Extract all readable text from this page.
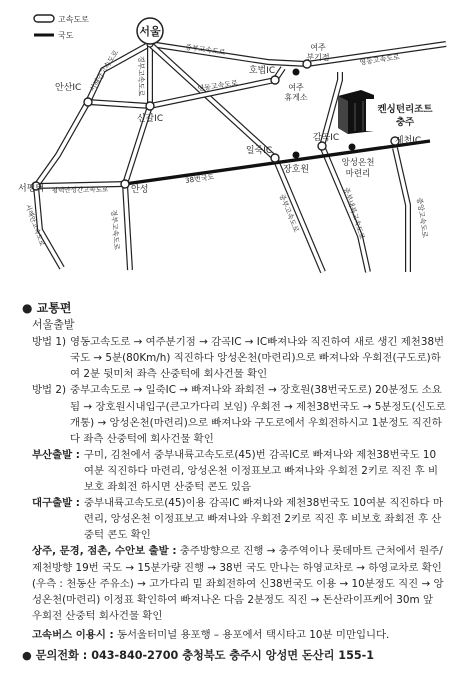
고속도로
국도	서울
안산IC
신갈IC
호법IC
여주 분기점
여주 휴게소
일죽IC
장호원
감곡IC	제천IC
앙성온천 마련리
서평택	안성
켄싱턴리조트 충주
서해안고속도로 경부고속도로
중부고속도로
영동고속도로
영동고속도로
38번국도
평택안성간고속도로
서해안고속도로	경부고속도로	중부고속도로	중부내륙고속도로	중앙고속도로
● 교통편
서울출발
방법 1) 영동고속도로 → 여주분기점 → 감곡IC → IC빠져나와 직진하여 새로 생긴 제천38번국도 → 5분(80Km/h) 직진하다 앙성온천(마련리)으로 빠져나와 우회전(구도로)하여 2분 뒷미처 좌측 산중턱에 회사건물 확인
방법 2) 중부고속도로 → 일죽IC → 빠져나와 좌회전 → 장호원(38번국도로) 20분정도 소요됨 → 장호원시내입구(큰고가다리 보임) 우회전 → 제천38번국도 → 5분정도(신도로개통) → 앙성온천(마련리)으로 빠져나와 구도로에서 우회전하시고 1분정도 직진하다 좌측 산중턱에 회사건물 확인
부산출발 : 구미, 김천에서 중부내륙고속도로(45)번 감곡IC로 빠져나와 제천38번국도 10여분 직진하다 마련리, 앙성온천 이정표보고 빠져나와 우회전 2키로 직진 후 비보호 좌회전 하시면 산중턱 콘도 있음
대구출발 : 중부내륙고속도로(45)이용 감곡IC 빠져나와 제천38번국도 10여분 직진하다 마련리, 앙성온천 이정표보고 빠져나와 우회전 2키로 직진 후 비보호 좌회전 후 산 중턱 콘도 확인
상주, 문경, 점촌, 수안보 출발 : 충주방향으로 진행 → 충주역이나 롯데마트 근처에서 원주/제천방향 19번 국도 → 15분가량 진행 → 38번 국도 만나는 하영교차로 → 하영교차로 확인(우측 : 천동산 주유소) → 고가다리 밑 좌회전하여 신38번국도 이용 → 10분정도 직진 → 앙성온천(마련리) 이정표 확인하여 빠져나온 다음 2분정도 직진 → 돈산라이프케어 30m 앞 우회전 산중턱 회사건물 확인
고속버스 이용시 : 동서울터미널 용포행 – 용포에서 택시타고 10분 미만입니다.
● 문의전화 : 043-840-2700 충청북도 충주시 앙성면 돈산리 155-1
